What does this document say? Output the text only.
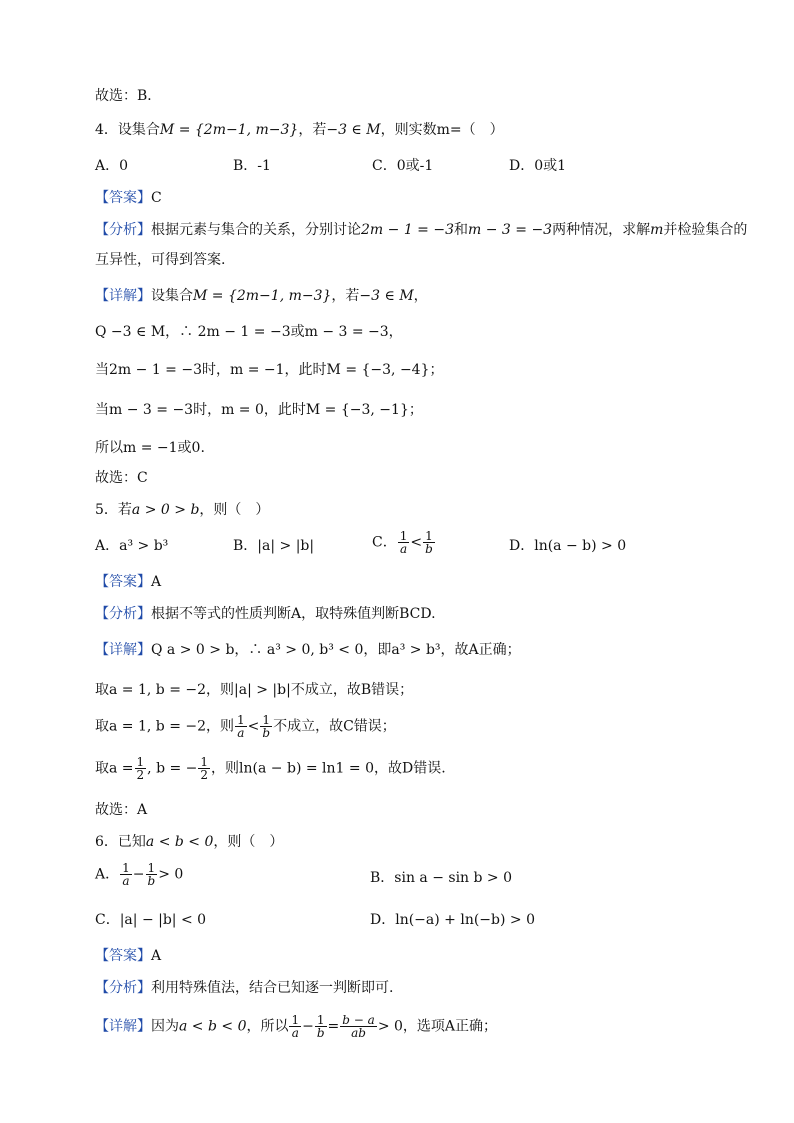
故选：B．
4．设集合M = {2m−1, m−3}，若−3 ∈ M，则实数m=（　）
A．0	B．-1	C．0或-1	D．0或1
【答案】C
【分析】根据元素与集合的关系，分别讨论2m − 1 = −3和m − 3 = −3两种情况，求解m并检验集合的
互异性，可得到答案.
【详解】设集合M = {2m−1, m−3}，若−3 ∈ M，
Q −3 ∈ M，∴ 2m − 1 = −3或m − 3 = −3，
当2m − 1 = −3时，m = −1，此时M = {−3, −4}；
当m − 3 = −3时，m = 0，此时M = {−3, −1}；
所以m = −1或0.
故选：C
5．若a > 0 > b，则（　）
A．a³ > b³	B．|a| > |b|	C． $\frac{1}{a} < \frac{1}{b}$	D．ln(a − b) > 0
【答案】A
【分析】根据不等式的性质判断A，取特殊值判断BCD.
【详解】Q a > 0 > b，∴ a³ > 0, b³ < 0，即a³ > b³，故A正确；
取a = 1, b = −2，则|a| > |b|不成立，故B错误；
取a = 1, b = −2，则 $\frac{1}{a} < \frac{1}{b}$ 不成立，故C错误；
取$a = \frac{1}{2}$ , b = − $\frac{1}{2}$ ，则ln(a − b) = ln1 = 0，故D错误.
故选：A
6．已知a < b < 0，则（　）
A． $\frac{1}{a} - \frac{1}{b} > 0$	B．sin a − sin b > 0
C．|a| − |b| < 0	D．ln(−a) + ln(−b) > 0
【答案】A
【分析】利用特殊值法，结合已知逐一判断即可.
【详解】因为a < b < 0，所以 $\frac{1}{a} - \frac{1}{b} = \frac{b - a}{ab} > 0$，选项A正确；
